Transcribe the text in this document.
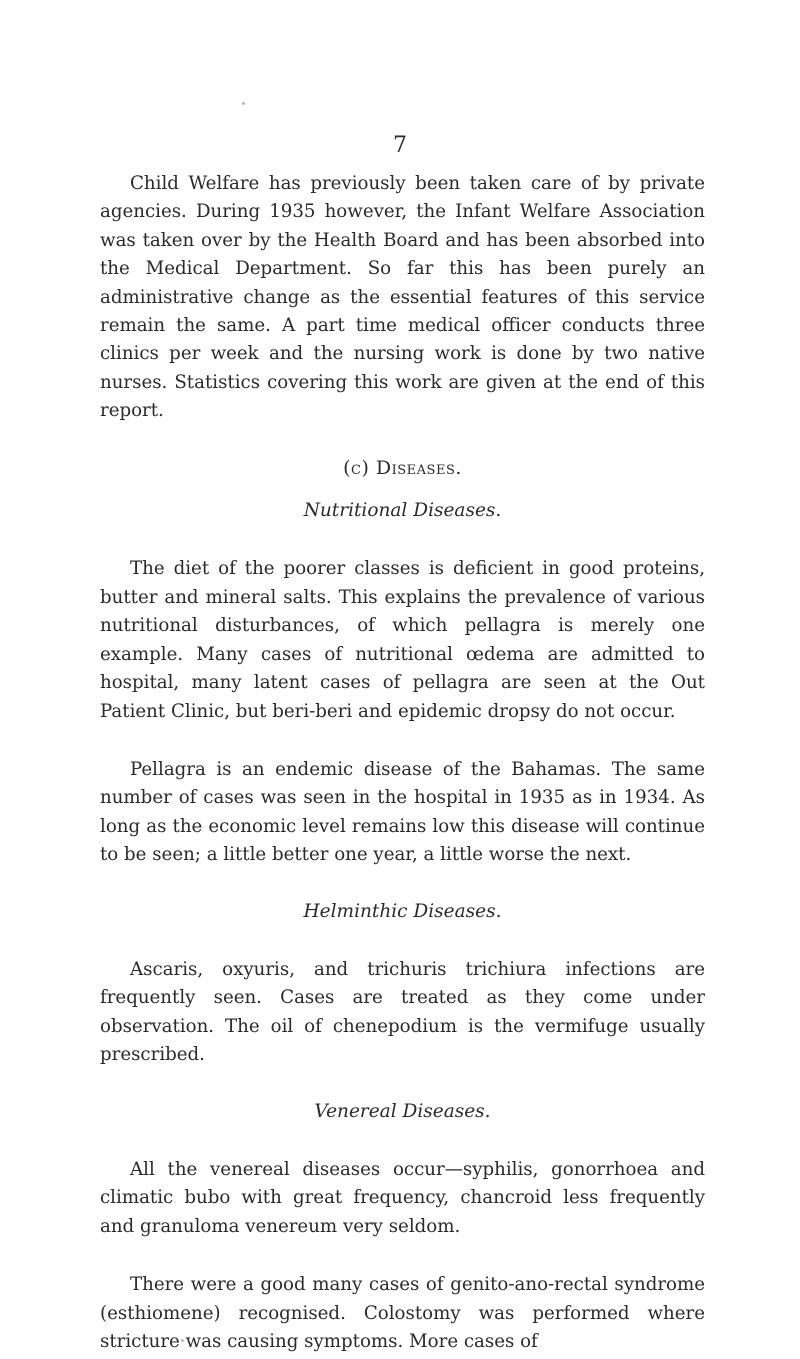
7

Child Welfare has previously been taken care of by private agencies. During 1935 however, the Infant Welfare Association was taken over by the Health Board and has been absorbed into the Medical Department. So far this has been purely an administrative change as the essential features of this service remain the same. A part time medical officer conducts three clinics per week and the nursing work is done by two native nurses. Statistics covering this work are given at the end of this report.

(c) Diseases.
Nutritional Diseases.

The diet of the poorer classes is deficient in good proteins, butter and mineral salts. This explains the prevalence of various nutritional disturbances, of which pellagra is merely one example. Many cases of nutritional œdema are admitted to hospital, many latent cases of pellagra are seen at the Out Patient Clinic, but beri-beri and epidemic dropsy do not occur.

Pellagra is an endemic disease of the Bahamas. The same number of cases was seen in the hospital in 1935 as in 1934. As long as the economic level remains low this disease will continue to be seen; a little better one year, a little worse the next.

Helminthic Diseases.

Ascaris, oxyuris, and trichuris trichiura infections are frequently seen. Cases are treated as they come under observation. The oil of chenepodium is the vermifuge usually prescribed.

Venereal Diseases.

All the venereal diseases occur—syphilis, gonorrhoea and climatic bubo with great frequency, chancroid less frequently and granuloma venereum very seldom.

There were a good many cases of genito-ano-rectal syndrome (esthiomene) recognised. Colostomy was performed where stricture was causing symptoms. More cases of
